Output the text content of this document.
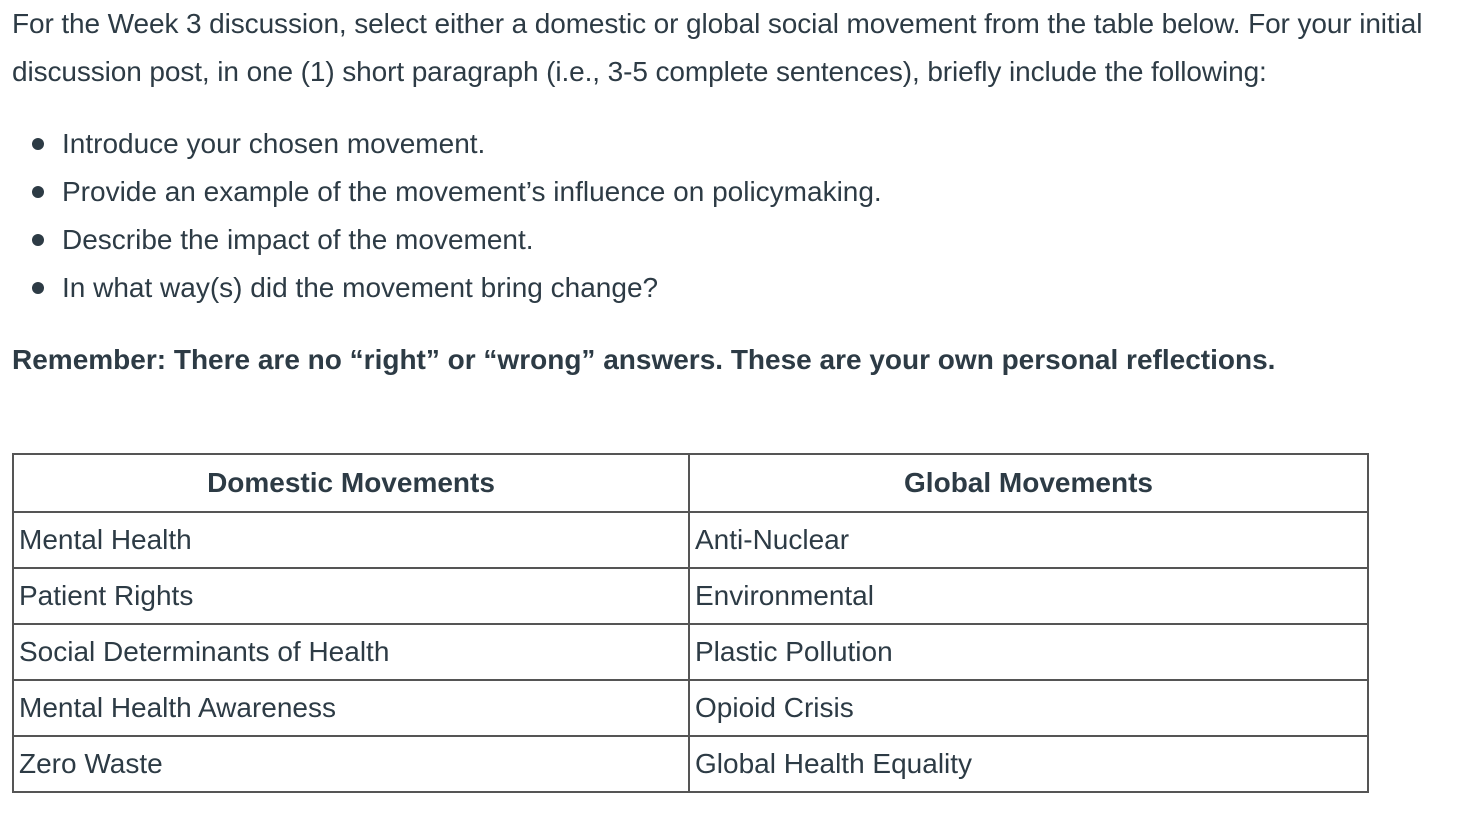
For the Week 3 discussion, select either a domestic or global social movement from the table below. For your initial discussion post, in one (1) short paragraph (i.e., 3-5 complete sentences), briefly include the following:

Introduce your chosen movement.
Provide an example of the movement’s influence on policymaking.
Describe the impact of the movement.
In what way(s) did the movement bring change?

Remember: There are no “right” or “wrong” answers. These are your own personal reflections.

Domestic Movements	Global Movements
Mental Health	Anti-Nuclear
Patient Rights	Environmental
Social Determinants of Health	Plastic Pollution
Mental Health Awareness	Opioid Crisis
Zero Waste	Global Health Equality
